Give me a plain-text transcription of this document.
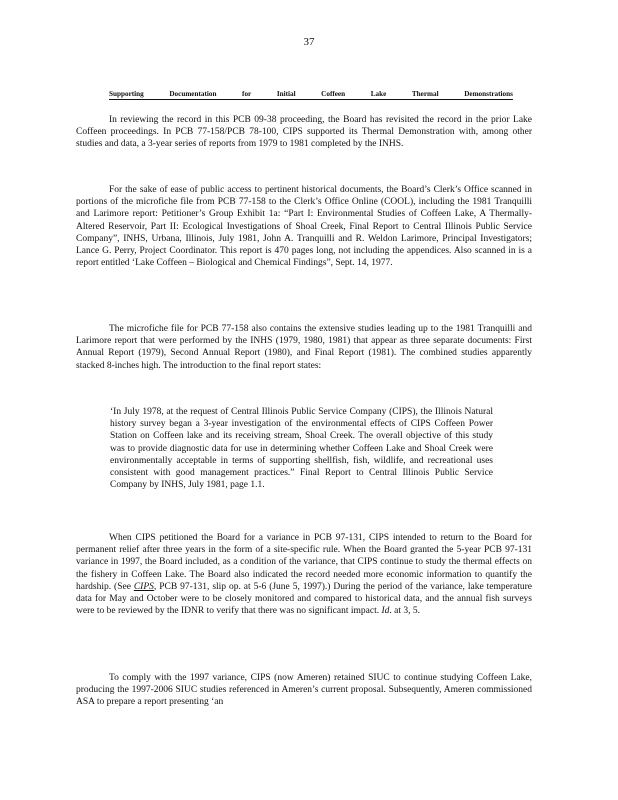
37
Supporting	Documentation	for	Initial	Coffeen	Lake	Thermal	Demonstrations

In reviewing the record in this PCB 09-38 proceeding, the Board has revisited the record in the prior Lake Coffeen proceedings. In PCB 77-158/PCB 78-100, CIPS supported its Thermal Demonstration with, among other studies and data, a 3-year series of reports from 1979 to 1981 completed by the INHS.

For the sake of ease of public access to pertinent historical documents, the Board’s Clerk’s Office scanned in portions of the microfiche file from PCB 77-158 to the Clerk’s Office Online (COOL), including the 1981 Tranquilli and Larimore report: Petitioner’s Group Exhibit 1a: “Part I: Environmental Studies of Coffeen Lake, A Thermally-Altered Reservoir, Part II: Ecological Investigations of Shoal Creek, Final Report to Central Illinois Public Service Company”, INHS, Urbana, Illinois, July 1981, John A. Tranquilli and R. Weldon Larimore, Principal Investigators; Lance G. Perry, Project Coordinator. This report is 470 pages long, not including the appendices. Also scanned in is a report entitled ‘Lake Coffeen – Biological and Chemical Findings”, Sept. 14, 1977.

The microfiche file for PCB 77-158 also contains the extensive studies leading up to the 1981 Tranquilli and Larimore report that were performed by the INHS (1979, 1980, 1981) that appear as three separate documents: First Annual Report (1979), Second Annual Report (1980), and Final Report (1981). The combined studies apparently stacked 8-inches high. The introduction to the final report states:

‘In July 1978, at the request of Central Illinois Public Service Company (CIPS), the Illinois Natural history survey began a 3-year investigation of the environmental effects of CIPS Coffeen Power Station on Coffeen lake and its receiving stream, Shoal Creek. The overall objective of this study was to provide diagnostic data for use in determining whether Coffeen Lake and Shoal Creek were environmentally acceptable in terms of supporting shellfish, fish, wildlife, and recreational uses consistent with good management practices.” Final Report to Central Illinois Public Service Company by INHS, July 1981, page 1.1.

When CIPS petitioned the Board for a variance in PCB 97-131, CIPS intended to return to the Board for permanent relief after three years in the form of a site-specific rule. When the Board granted the 5-year PCB 97-131 variance in 1997, the Board included, as a condition of the variance, that CIPS continue to study the thermal effects on the fishery in Coffeen Lake. The Board also indicated the record needed more economic information to quantify the hardship. (See CIPS, PCB 97-131, slip op. at 5-6 (June 5, 1997).) During the period of the variance, lake temperature data for May and October were to be closely monitored and compared to historical data, and the annual fish surveys were to be reviewed by the IDNR to verify that there was no significant impact. Id. at 3, 5.

To comply with the 1997 variance, CIPS (now Ameren) retained SIUC to continue studying Coffeen Lake, producing the 1997-2006 SIUC studies referenced in Ameren’s current proposal. Subsequently, Ameren commissioned ASA to prepare a report presenting ‘an
